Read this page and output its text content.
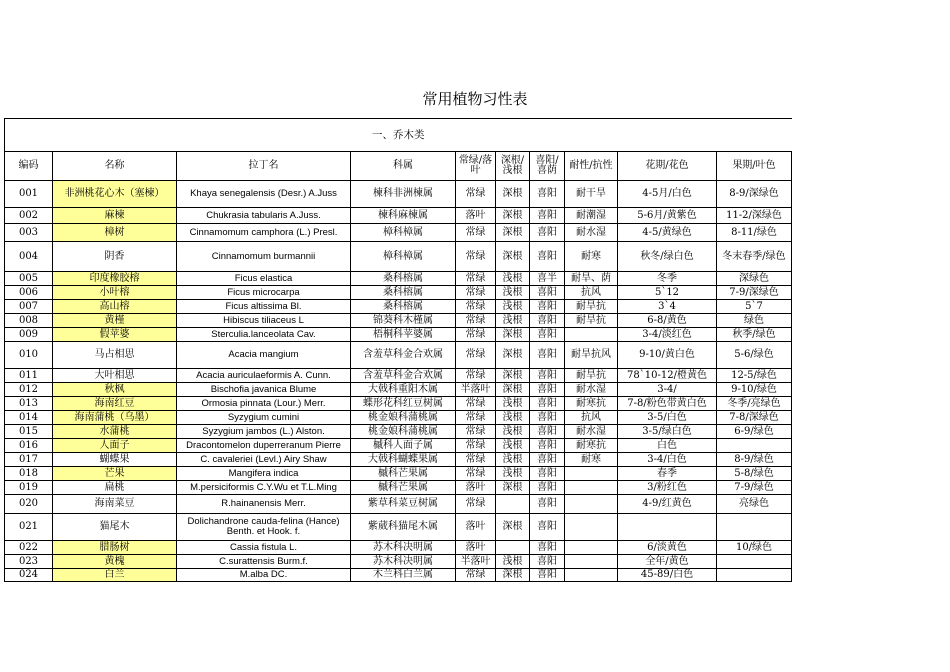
常用植物习性表
一、乔木类									
编码	名称	拉丁名	科属	常绿/落叶	深根/浅根	喜阳/喜荫	耐性/抗性	花期/花色	果期/叶色
001	非洲桃花心木（塞楝）	Khaya senegalensis (Desr.) A.Juss	楝科非洲楝属	常绿	深根	喜阳	耐干旱	4-5月/白色	8-9/深绿色
002	麻楝	Chukrasia tabularis A.Juss.	楝科麻楝属	落叶	深根	喜阳	耐潮湿	5-6月/黄紫色	11-2/深绿色
003	樟树	Cinnamomum camphora (L.) Presl.	樟科樟属	常绿	深根	喜阳	耐水湿	4-5/黄绿色	8-11/绿色
004	阴香	Cinnamomum burmannii	樟科樟属	常绿	深根	喜阳	耐寒	秋冬/绿白色	冬末春季/绿色
005	印度橡胶榕	Ficus elastica	桑科榕属	常绿	浅根	喜半	耐旱、荫	冬季	深绿色
006	小叶榕	Ficus microcarpa	桑科榕属	常绿	浅根	喜阳	抗风	5`12	7-9/深绿色
007	高山榕	Ficus altissima Bl.	桑科榕属	常绿	浅根	喜阳	耐旱抗	3`4	5`7
008	黄槿	Hibiscus tiliaceus L	锦葵科木槿属	常绿	浅根	喜阳	耐旱抗	6-8/黄色	绿色
009	假苹婆	Sterculia.lanceolata Cav.	梧桐科苹婆属	常绿	深根	喜阳		3-4/淡红色	秋季/绿色
010	马占相思	Acacia mangium	含羞草科金合欢属	常绿	深根	喜阳	耐旱抗风	9-10/黄白色	5-6/绿色
011	大叶相思	Acacia auriculaeformis A. Cunn.	含羞草科金合欢属	常绿	深根	喜阳	耐旱抗	78`10-12/橙黄色	12-5/绿色
012	秋枫	Bischofia javanica Blume	大戟科重阳木属	半落叶	深根	喜阳	耐水湿	3-4/	9-10/绿色
013	海南红豆	Ormosia pinnata (Lour.) Merr.	蝶形花科红豆树属	常绿	浅根	喜阳	耐寒抗	7-8/粉色带黄白色	冬季/亮绿色
014	海南蒲桃（乌墨）	Syzygium cumini	桃金娘科蒲桃属	常绿	浅根	喜阳	抗风	3-5/白色	7-8/深绿色
015	水蒲桃	Syzygium jambos (L.) Alston.	桃金娘科蒲桃属	常绿	浅根	喜阳	耐水湿	3-5/绿白色	6-9/绿色
016	人面子	Dracontomelon duperreranum Pierre	槭科人面子属	常绿	浅根	喜阳	耐寒抗	白色	
017	蝴蝶果	C. cavaleriei (Levl.) Airy Shaw	大戟科蝴蝶果属	常绿	浅根	喜阳	耐寒	3-4/白色	8-9/绿色
018	芒果	Mangifera indica	槭科芒果属	常绿	浅根	喜阳		春季	5-8/绿色
019	扁桃	M.persiciformis C.Y.Wu et T.L.Ming	槭科芒果属	落叶	深根	喜阳		3/粉红色	7-9/绿色
020	海南菜豆	R.hainanensis Merr.	紫草科菜豆树属	常绿		喜阳		4-9/红黄色	亮绿色
021	猫尾木	Dolichandrone cauda-felina (Hance) Benth. et Hook. f.	紫葳科猫尾木属	落叶	深根	喜阳			
022	腊肠树	Cassia fistula L.	苏木科决明属	落叶		喜阳		6/淡黄色	10/绿色
023	黄槐	C.surattensis Burm.f.	苏木科决明属	半落叶	浅根	喜阳		全年/黄色	
024	白兰	M.alba DC.	木兰科白兰属	常绿	深根	喜阳		45-89/白色	
